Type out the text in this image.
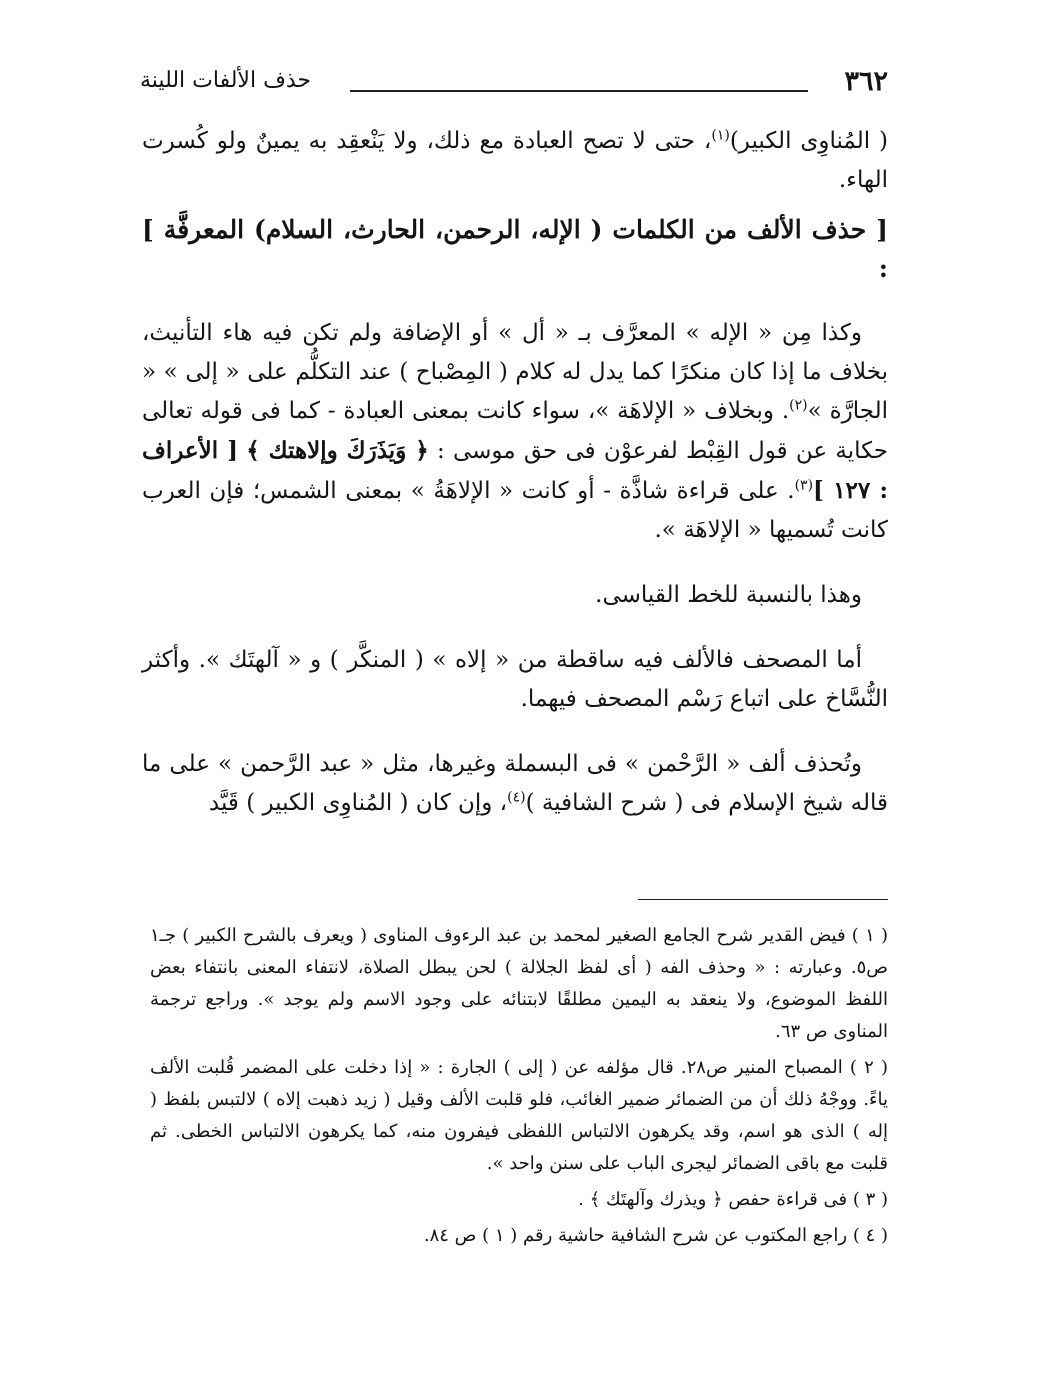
٣٦٢
حذف الألفات اللينة

( المُناوِى الكبير)$^{(١)}$، حتى لا تصح العبادة مع ذلك، ولا يَنْعقِد به يمينٌ ولو كُسرت الهاء.

[ حذف الألف من الكلمات ( الإله، الرحمن، الحارث، السلام) المعرفَّة ] :

وكذا مِن « الإله » المعرَّف بـ « أل » أو الإضافة ولم تكن فيه هاء التأنيث، بخلاف ما إذا كان منكرًا كما يدل له كلام ( المِصْباح ) عند التكلُّم على « إلى » « الجارَّة »$^{(٢)}$. وبخلاف « الإلاهَة »، سواء كانت بمعنى العبادة - كما فى قوله تعالى حكاية عن قول القِبْط لفرعوْن فى حق موسى : ﴿ وَيَذَرَكَ وإلاهتك ﴾ [ الأعراف : ١٢٧ ]$^{(٣)}$. على قراءة شاذَّة - أو كانت « الإلاهَةُ » بمعنى الشمس؛ فإن العرب كانت تُسميها « الإلاهَة ».

وهذا بالنسبة للخط القياسى.

أما المصحف فالألف فيه ساقطة من « إلاه » ( المنكَّر ) و « آلهتَك ». وأكثر النُّسَّاخ على اتباع رَسْم المصحف فيهما.

وتُحذف ألف « الرَّحْمن » فى البسملة وغيرها، مثل « عبد الرَّحمن » على ما قاله شيخ الإسلام فى ( شرح الشافية )$^{(٤)}$، وإن كان ( المُناوِى الكبير ) قَيَّد

( ١ ) فيض القدير شرح الجامع الصغير لمحمد بن عبد الرءوف المناوى ( ويعرف بالشرح الكبير ) جـ١ ص٥. وعبارته : « وحذف الفه ( أى لفظ الجلالة ) لحن يبطل الصلاة، لانتفاء المعنى بانتفاء بعض اللفظ الموضوع، ولا ينعقد به اليمين مطلقًا لابتنائه على وجود الاسم ولم يوجد ». وراجع ترجمة المناوى ص ٦٣.

( ٢ ) المصباح المنير ص٢٨. قال مؤلفه عن ( إلى ) الجارة : « إذا دخلت على المضمر قُلبت الألف ياءً. ووجْهُ ذلك أن من الضمائر ضمير الغائب، فلو قلبت الألف وقيل ( زيد ذهبت إلاه ) لالتبس بلفظ ( إله ) الذى هو اسم، وقد يكرهون الالتباس اللفظى فيفرون منه، كما يكرهون الالتباس الخطى. ثم قلبت مع باقى الضمائر ليجرى الباب على سنن واحد ».

( ٣ ) فى قراءة حفص ﴿ ويذرك وآلهتَك ﴾ .

( ٤ ) راجع المكتوب عن شرح الشافية حاشية رقم ( ١ ) ص ٨٤.
